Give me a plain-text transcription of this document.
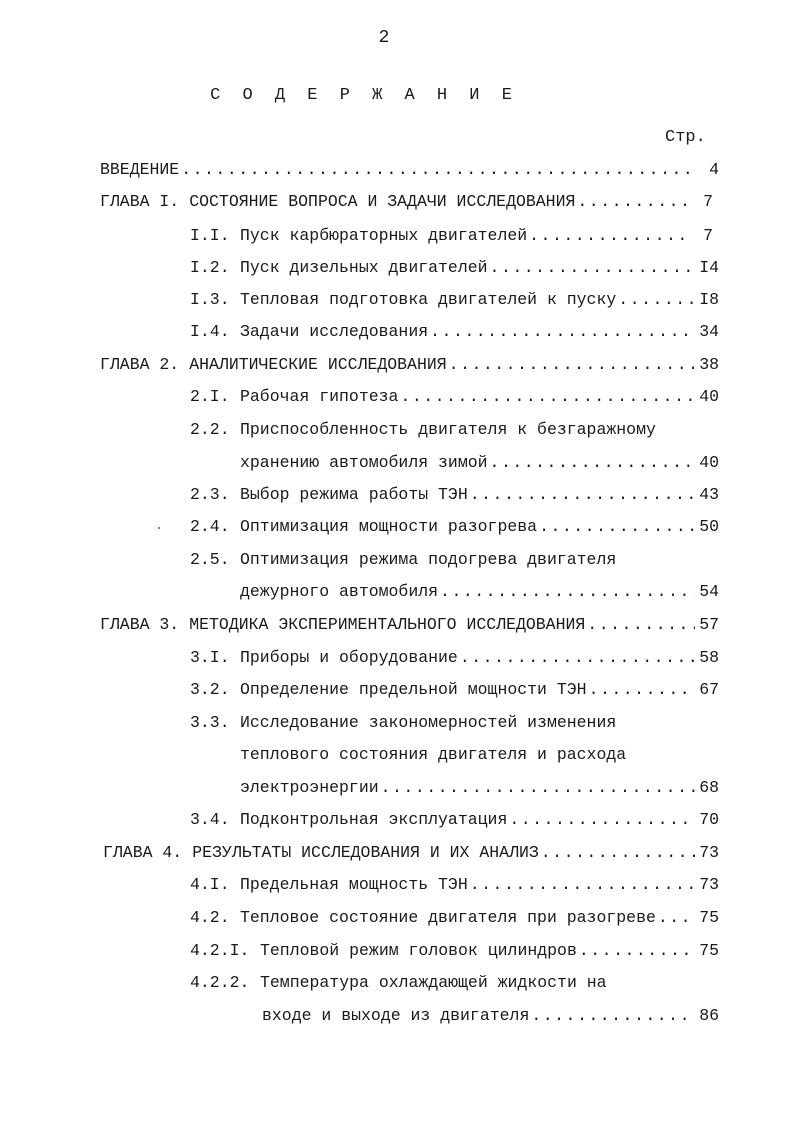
2
С О Д Е Р Ж А Н И Е
Стр.
ВВЕДЕНИЕ .....	4
ГЛАВА I. СОСТОЯНИЕ ВОПРОСА И ЗАДАЧИ ИССЛЕДОВАНИЯ .....	7
I.I. Пуск карбюраторных двигателей .....	7
I.2. Пуск дизельных двигателей .....	I4
I.3. Тепловая подготовка двигателей к пуску .....	I8
I.4. Задачи исследования .....	34
ГЛАВА 2. АНАЛИТИЧЕСКИЕ ИССЛЕДОВАНИЯ .....	38
2.I. Рабочая гипотеза .....	40
2.2. Приспособленность двигателя к безгаражному
хранению автомобиля зимой .....	40
2.3. Выбор режима работы ТЭН .....	43
2.4. Оптимизация мощности разогрева .....	50
2.5. Оптимизация режима подогрева двигателя
дежурного автомобиля .....	54
ГЛАВА 3. МЕТОДИКА ЭКСПЕРИМЕНТАЛЬНОГО ИССЛЕДОВАНИЯ .....	57
3.I. Приборы и оборудование .....	58
3.2. Определение предельной мощности ТЭН .....	67
3.3. Исследование закономерностей изменения
теплового состояния двигателя и расхода
электроэнергии .....	68
3.4. Подконтрольная эксплуатация .....	70
ГЛАВА 4. РЕЗУЛЬТАТЫ ИССЛЕДОВАНИЯ И ИХ АНАЛИЗ .....	73
4.I. Предельная мощность ТЭН .....	73
4.2. Тепловое состояние двигателя при разогреве .....	75
4.2.I. Тепловой режим головок цилиндров .....	75
4.2.2. Температура охлаждающей жидкости на
входе и выходе из двигателя .....	86
